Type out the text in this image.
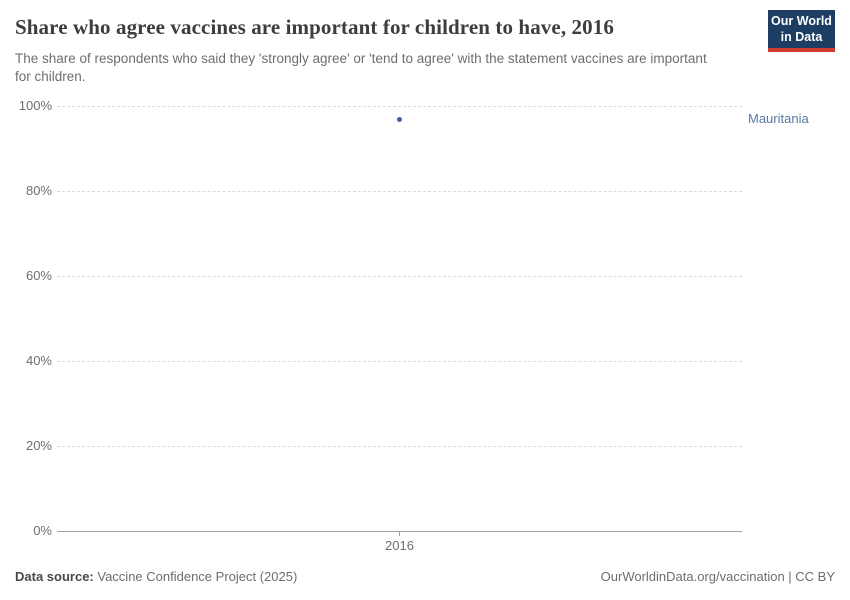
Share who agree vaccines are important for children to have, 2016	Our World
in Data

The share of respondents who said they 'strongly agree' or 'tend to agree' with the statement vaccines are important for children.

100%
80%
60%
40%
20%
0%
2016
Mauritania
Data source: Vaccine Confidence Project (2025)	OurWorldinData.org/vaccination | CC BY
